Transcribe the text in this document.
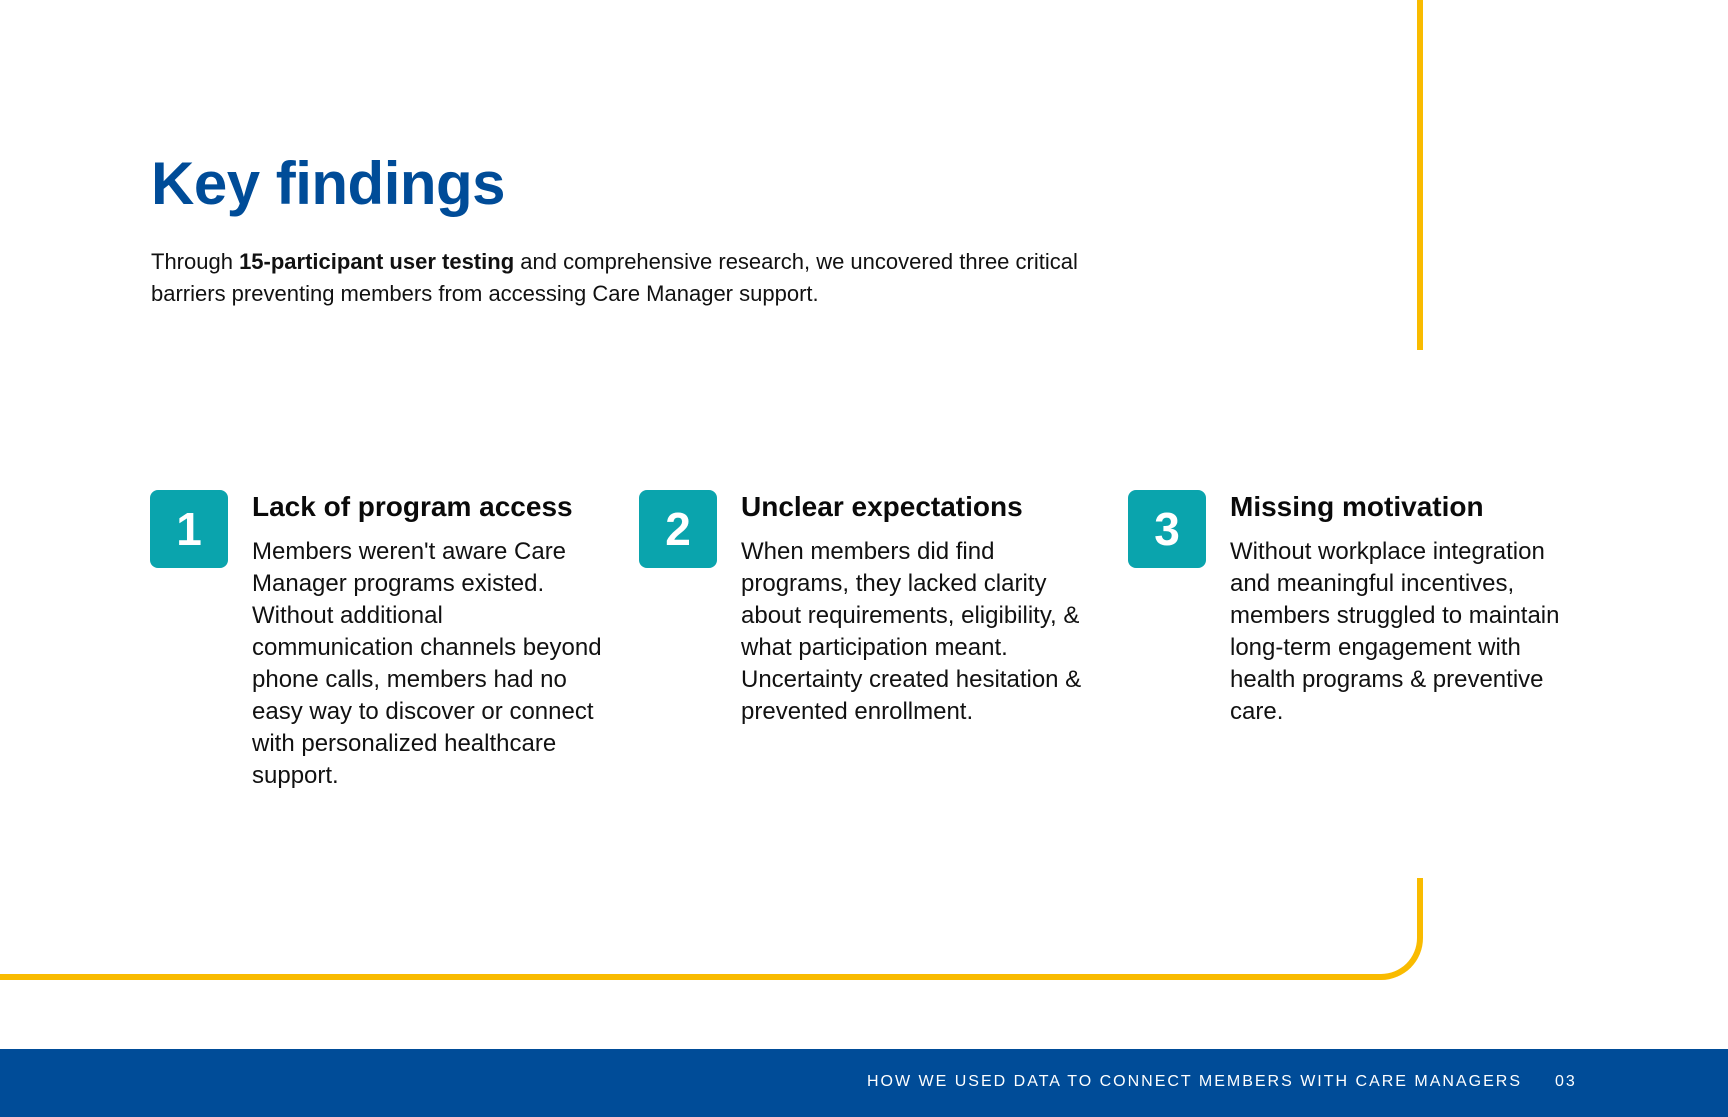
Key findings

Through 15-participant user testing and comprehensive research, we uncovered three critical barriers preventing members from accessing Care Manager support.

1	Lack of program access

Members weren't aware Care Manager programs existed. Without additional communication channels beyond phone calls, members had no easy way to discover or connect with personalized healthcare support.

2	Unclear expectations

When members did find programs, they lacked clarity about requirements, eligibility, & what participation meant. Uncertainty created hesitation & prevented enrollment.

3	Missing motivation

Without workplace integration and meaningful incentives, members struggled to maintain long-term engagement with health programs & preventive care.

HOW WE USED DATA TO CONNECT MEMBERS WITH CARE MANAGERS 03
